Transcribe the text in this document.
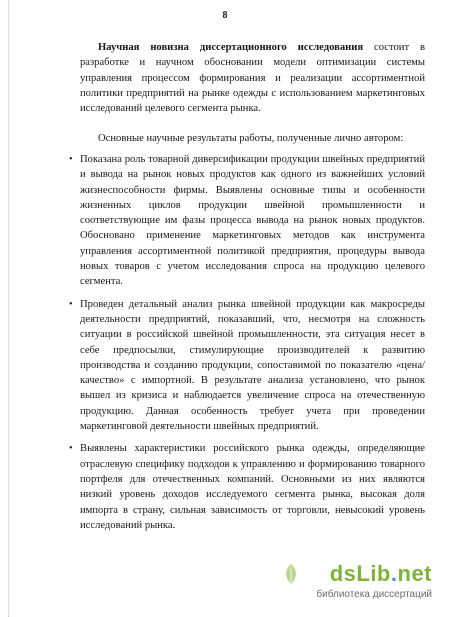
8

Научная новизна диссертационного исследования состоит в разработке и научном обосновании модели оптимизации системы управления процессом формирования и реализации ассортиментной политики предприятий на рынке одежды с использованием маркетинговых исследований целевого сегмента рынка.

Основные научные результаты работы, полученные лично автором:

• Показана роль товарной диверсификации продукции швейных предприятий и вывода на рынок новых продуктов как одного из важнейших условий жизнеспособности фирмы. Выявлены основные типы и особенности жизненных циклов продукции швейной промышленности и соответствующие им фазы процесса вывода на рынок новых продуктов. Обосновано применение маркетинговых методов как инструмента управления ассортиментной политикой предприятия, процедуры вывода новых товаров с учетом исследования спроса на продукцию целевого сегмента.
• Проведен детальный анализ рынка швейной продукции как макросреды деятельности предприятий, показавший, что, несмотря на сложность ситуации в российской швейной промышленности, эта ситуация несет в себе предпосылки, стимулирующие производителей к развитию производства и созданию продукции, сопоставимой по показателю «цена/качество» с импортной. В результате анализа установлено, что рынок вышел из кризиса и наблюдается увеличение спроса на отечественную продукцию. Данная особенность требует учета при проведении маркетинговой деятельности швейных предприятий.
• Выявлены характеристики российского рынка одежды, определяющие отраслевую специфику подходов к управлению и формированию товарного портфеля для отечественных компаний. Основными из них являются низкий уровень доходов исследуемого сегмента рынка, высокая доля импорта в страну, сильная зависимость от торговли, невысокий уровень исследований рынка.
dsLib.net
библиотека диссертаций
